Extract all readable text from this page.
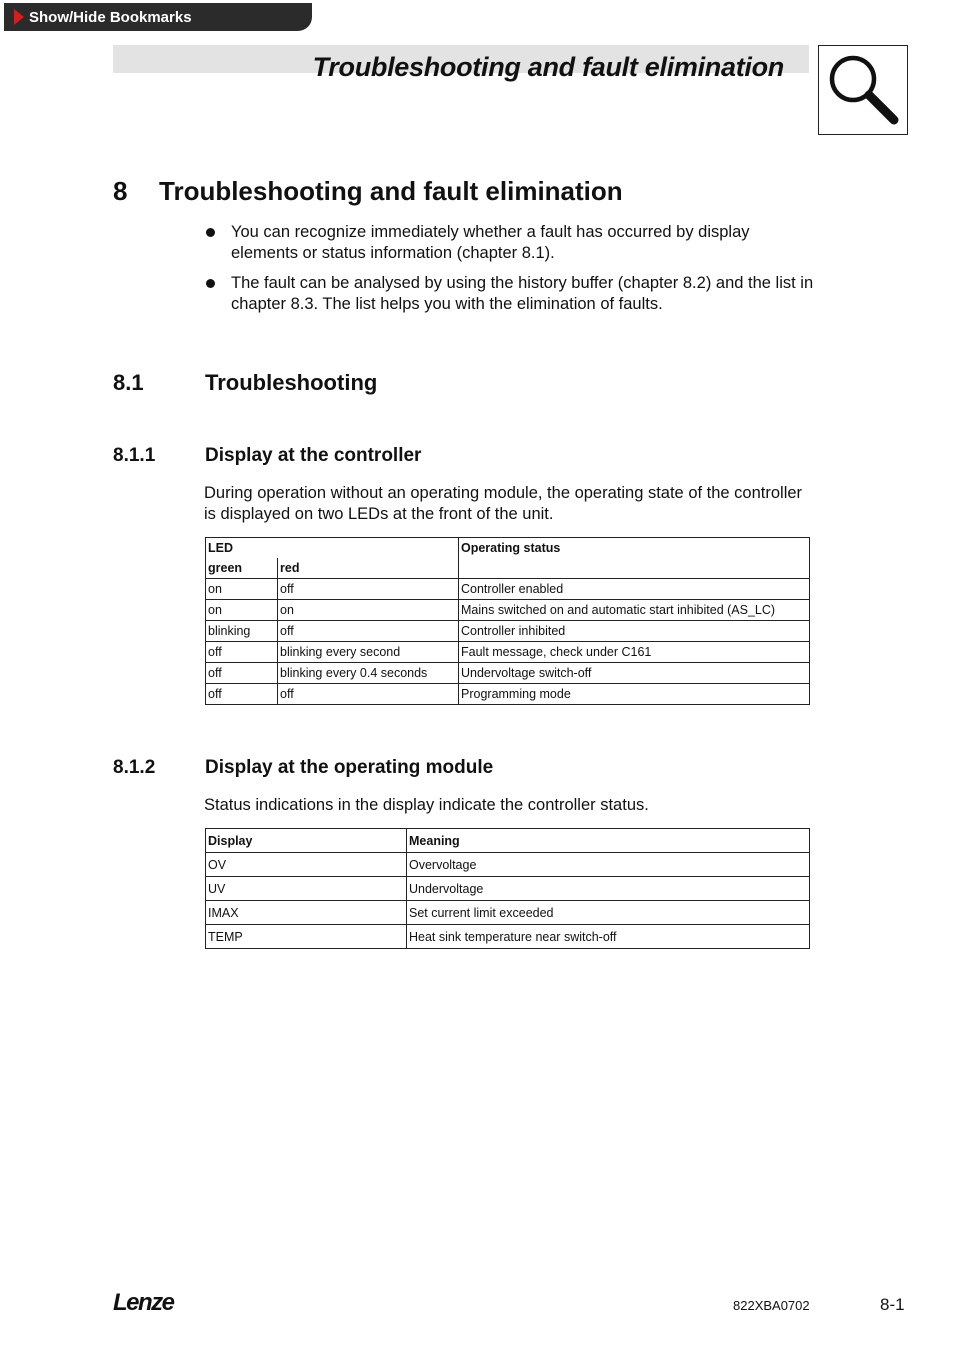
Show/Hide Bookmarks
Troubleshooting and fault elimination
8 Troubleshooting and fault elimination
You can recognize immediately whether a fault has occurred by display elements or status information (chapter 8.1).
The fault can be analysed by using the history buffer (chapter 8.2) and the list in chapter 8.3. The list helps you with the elimination of faults.
8.1	Troubleshooting
8.1.1	Display at the controller
During operation without an operating module, the operating state of the controller is displayed on two LEDs at the front of the unit.
LED		Operating status
green	red	
on	off	Controller enabled
on	on	Mains switched on and automatic start inhibited (AS_LC)
blinking	off	Controller inhibited
off	blinking every second	Fault message, check under C161
off	blinking every 0.4 seconds	Undervoltage switch-off
off	off	Programming mode
8.1.2	Display at the operating module
Status indications in the display indicate the controller status.
Display	Meaning
OV	Overvoltage
UV	Undervoltage
IMAX	Set current limit exceeded
TEMP	Heat sink temperature near switch-off
Lenze	822XBA0702	8-1
